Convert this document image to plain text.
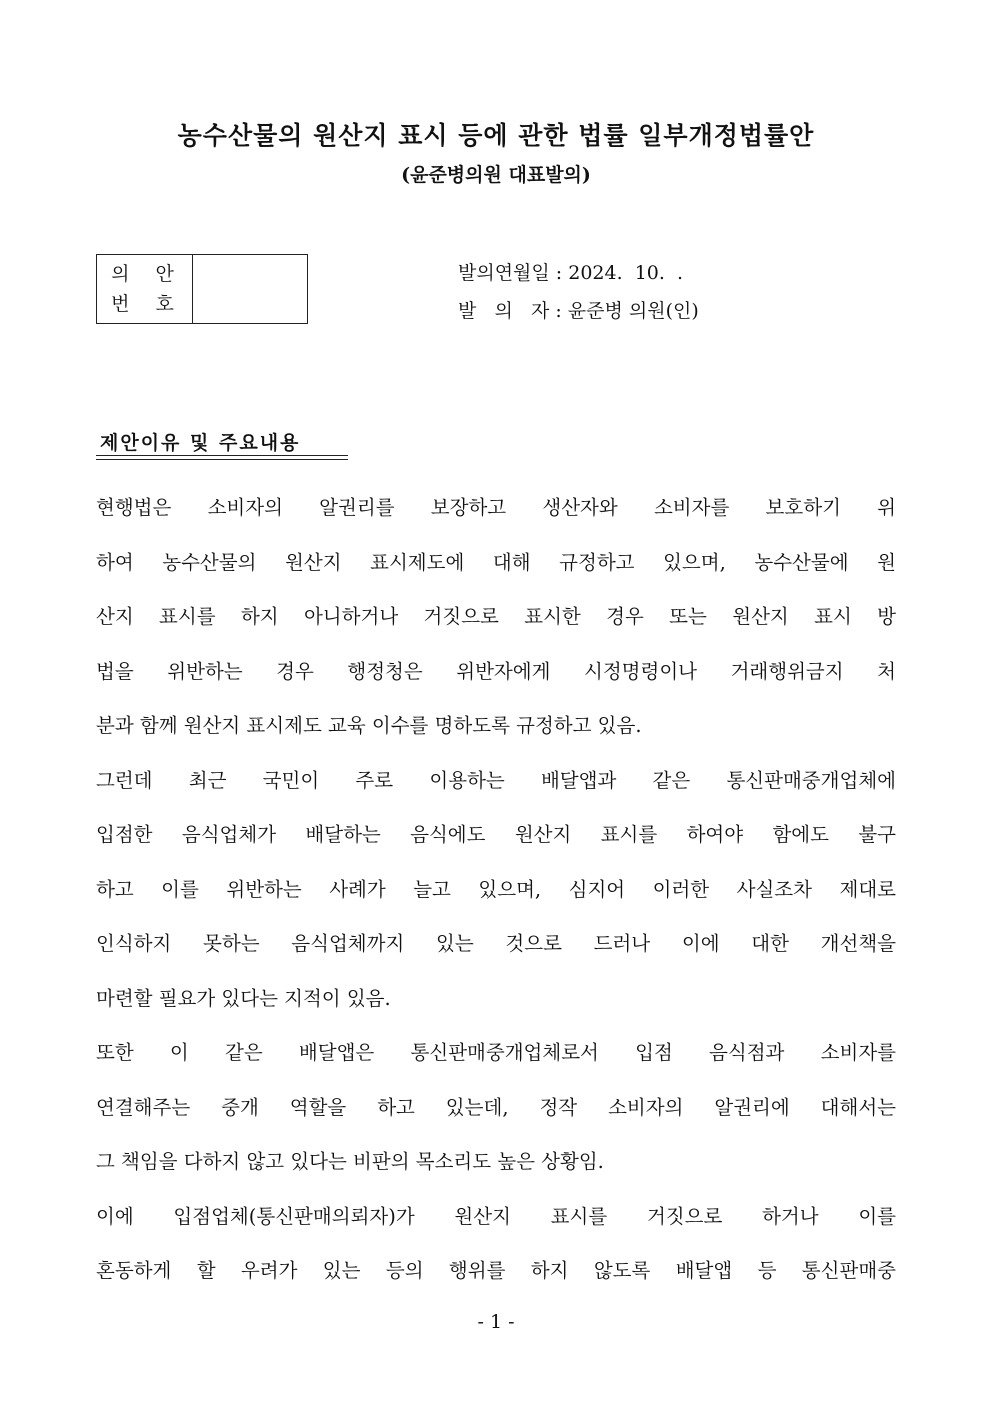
농수산물의 원산지 표시 등에 관한 법률 일부개정법률안
(윤준병의원 대표발의)
의 안
번 호
발의연월일 : 2024.  10.  .
발   의   자 : 윤준병 의원(인)
제안이유 및 주요내용
현행법은 소비자의 알권리를 보장하고 생산자와 소비자를 보호하기 위
하여 농수산물의 원산지 표시제도에 대해 규정하고 있으며, 농수산물에 원
산지 표시를 하지 아니하거나 거짓으로 표시한 경우 또는 원산지 표시 방
법을 위반하는 경우 행정청은 위반자에게 시정명령이나 거래행위금지 처
분과 함께 원산지 표시제도 교육 이수를 명하도록 규정하고 있음.
그런데 최근 국민이 주로 이용하는 배달앱과 같은 통신판매중개업체에
입점한 음식업체가 배달하는 음식에도 원산지 표시를 하여야 함에도 불구
하고 이를 위반하는 사례가 늘고 있으며, 심지어 이러한 사실조차 제대로
인식하지 못하는 음식업체까지 있는 것으로 드러나 이에 대한 개선책을
마련할 필요가 있다는 지적이 있음.
또한 이 같은 배달앱은 통신판매중개업체로서 입점 음식점과 소비자를
연결해주는 중개 역할을 하고 있는데, 정작 소비자의 알권리에 대해서는
그 책임을 다하지 않고 있다는 비판의 목소리도 높은 상황임.
이에 입점업체(통신판매의뢰자)가 원산지 표시를 거짓으로 하거나 이를
혼동하게 할 우려가 있는 등의 행위를 하지 않도록 배달앱 등 통신판매중
- 1 -
